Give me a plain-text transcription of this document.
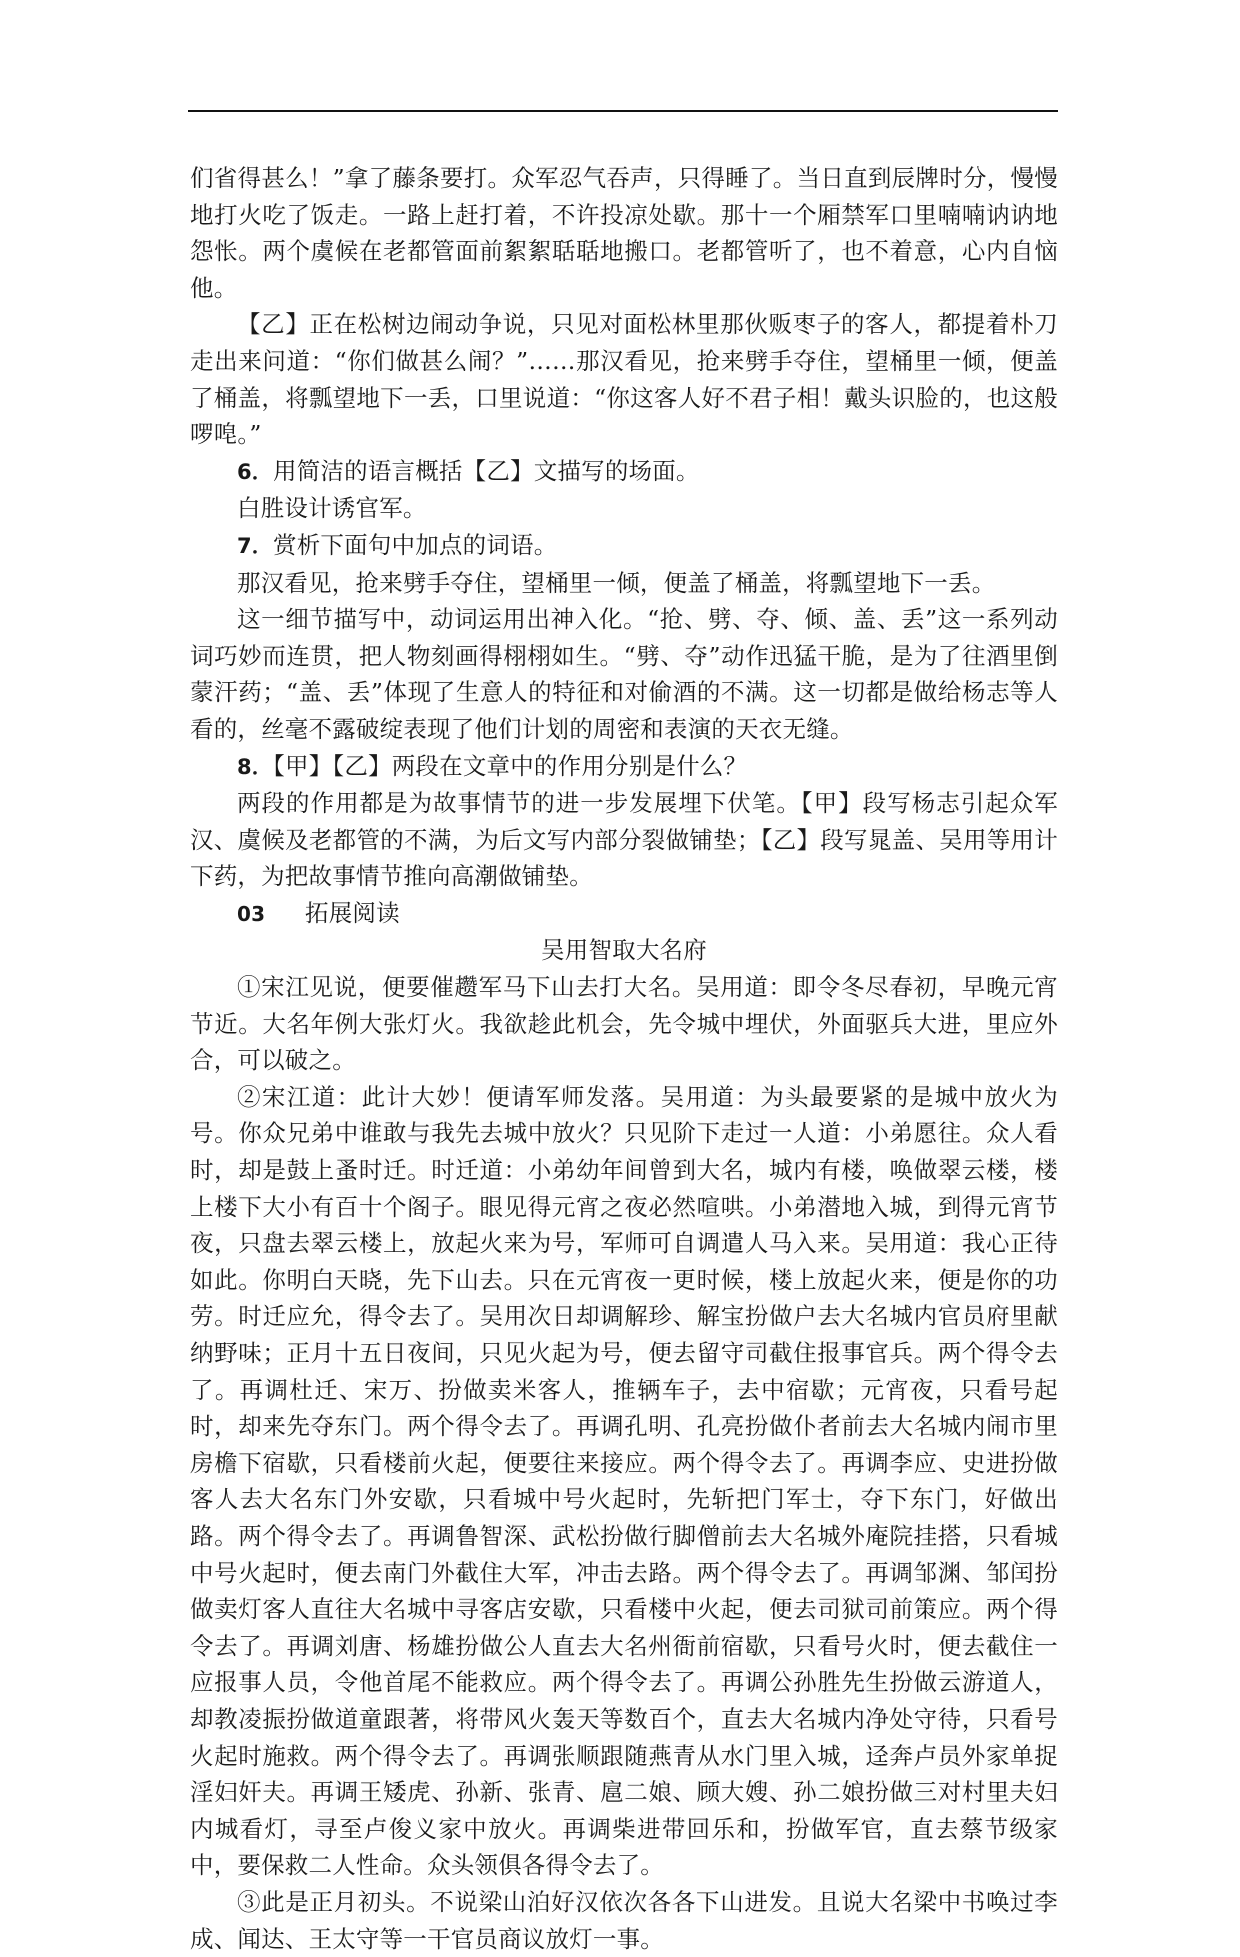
们省得甚么！”拿了藤条要打。众军忍气吞声，只得睡了。当日直到辰牌时分，慢慢地打火吃了饭走。一路上赶打着，不许投凉处歇。那十一个厢禁军口里喃喃讷讷地怨怅。两个虞候在老都管面前絮絮聒聒地搬口。老都管听了，也不着意，心内自恼他。

【乙】正在松树边闹动争说，只见对面松林里那伙贩枣子的客人，都提着朴刀走出来问道：“你们做甚么闹？”……那汉看见，抢来劈手夺住，望桶里一倾，便盖了桶盖，将瓢望地下一丢，口里说道：“你这客人好不君子相！戴头识脸的，也这般啰唣。”

6．用简洁的语言概括【乙】文描写的场面。

白胜设计诱官军。

7．赏析下面句中加点的词语。

那汉看见，抢来劈手夺住，望桶里一倾，便盖了桶盖，将瓢望地下一丢。

这一细节描写中，动词运用出神入化。“抢、劈、夺、倾、盖、丢”这一系列动词巧妙而连贯，把人物刻画得栩栩如生。“劈、夺”动作迅猛干脆，是为了往酒里倒蒙汗药；“盖、丢”体现了生意人的特征和对偷酒的不满。这一切都是做给杨志等人看的，丝毫不露破绽表现了他们计划的周密和表演的天衣无缝。

8．【甲】【乙】两段在文章中的作用分别是什么？

两段的作用都是为故事情节的进一步发展埋下伏笔。【甲】段写杨志引起众军汉、虞候及老都管的不满，为后文写内部分裂做铺垫；【乙】段写晁盖、吴用等用计下药，为把故事情节推向高潮做铺垫。

03 拓展阅读

吴用智取大名府

①宋江见说，便要催趱军马下山去打大名。吴用道：即令冬尽春初，早晚元宵节近。大名年例大张灯火。我欲趁此机会，先令城中埋伏，外面驱兵大进，里应外合，可以破之。

②宋江道：此计大妙！便请军师发落。吴用道：为头最要紧的是城中放火为号。你众兄弟中谁敢与我先去城中放火？只见阶下走过一人道：小弟愿往。众人看时，却是鼓上蚤时迁。时迁道：小弟幼年间曾到大名，城内有楼，唤做翠云楼，楼上楼下大小有百十个阁子。眼见得元宵之夜必然喧哄。小弟潜地入城，到得元宵节夜，只盘去翠云楼上，放起火来为号，军师可自调遣人马入来。吴用道：我心正待如此。你明白天晓，先下山去。只在元宵夜一更时候，楼上放起火来，便是你的功劳。时迁应允，得令去了。吴用次日却调解珍、解宝扮做户去大名城内官员府里献纳野味；正月十五日夜间，只见火起为号，便去留守司截住报事官兵。两个得令去了。再调杜迁、宋万、扮做卖米客人，推辆车子，去中宿歇；元宵夜，只看号起时，却来先夺东门。两个得令去了。再调孔明、孔亮扮做仆者前去大名城内闹市里房檐下宿歇，只看楼前火起，便要往来接应。两个得令去了。再调李应、史进扮做客人去大名东门外安歇，只看城中号火起时，先斩把门军士，夺下东门，好做出路。两个得令去了。再调鲁智深、武松扮做行脚僧前去大名城外庵院挂搭，只看城中号火起时，便去南门外截住大军，冲击去路。两个得令去了。再调邹渊、邹闰扮做卖灯客人直往大名城中寻客店安歇，只看楼中火起，便去司狱司前策应。两个得令去了。再调刘唐、杨雄扮做公人直去大名州衙前宿歇，只看号火时，便去截住一应报事人员，令他首尾不能救应。两个得令去了。再调公孙胜先生扮做云游道人，却教凌振扮做道童跟著，将带风火轰天等数百个，直去大名城内净处守待，只看号火起时施救。两个得令去了。再调张顺跟随燕青从水门里入城，迳奔卢员外家单捉淫妇奸夫。再调王矮虎、孙新、张青、扈二娘、顾大嫂、孙二娘扮做三对村里夫妇内城看灯，寻至卢俊义家中放火。再调柴进带回乐和，扮做军官，直去蔡节级家中，要保救二人性命。众头领俱各得令去了。

③此是正月初头。不说梁山泊好汉依次各各下山进发。且说大名梁中书唤过李成、闻达、王太守等一干官员商议放灯一事。
